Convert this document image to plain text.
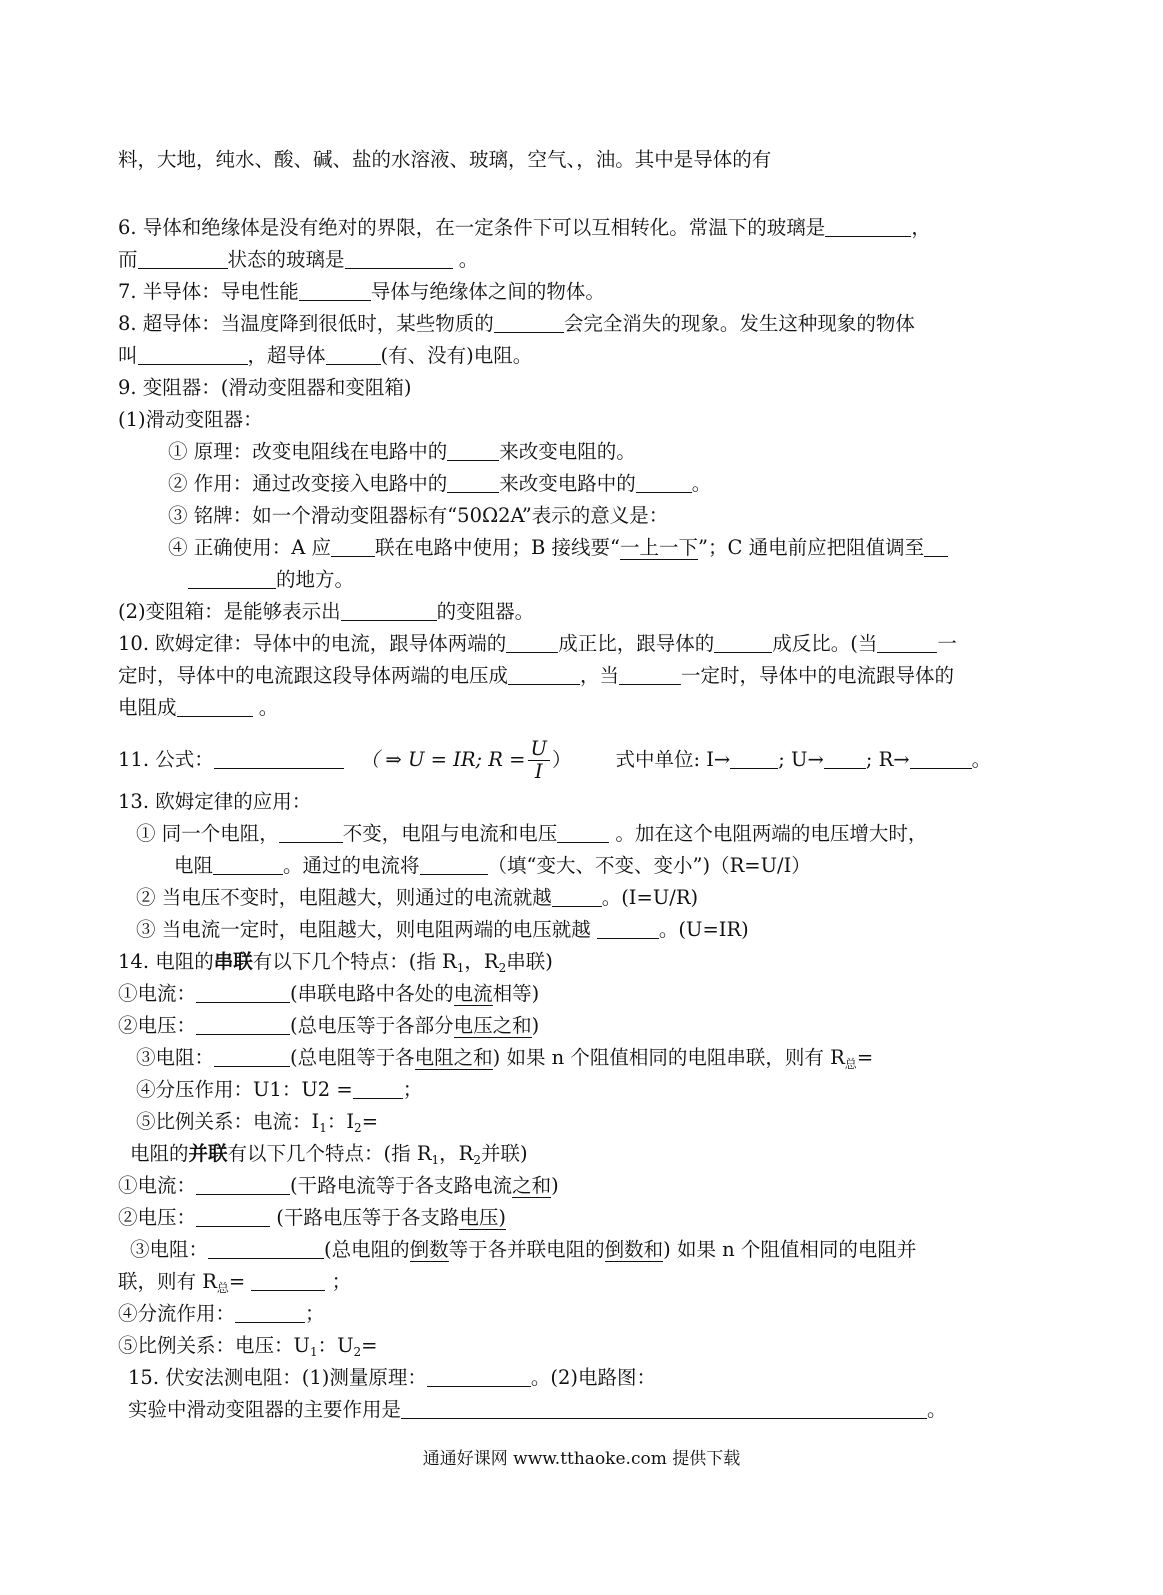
料，大地，纯水、酸、碱、盐的水溶液、玻璃，空气、，油。其中是导体的有
6. 导体和绝缘体是没有绝对的界限，在一定条件下可以互相转化。常温下的玻璃是	，
而	状态的玻璃是	。
7. 半导体：导电性能	导体与绝缘体之间的物体。
8. 超导体：当温度降到很低时，某些物质的	会完全消失的现象。发生这种现象的物体
叫	，超导体	(有、没有)电阻。
9. 变阻器：(滑动变阻器和变阻箱)
(1)滑动变阻器：
① 原理：改变电阻线在电路中的	来改变电阻的。
② 作用：通过改变接入电路中的	来改变电路中的	。
③ 铭牌：如一个滑动变阻器标有“50Ω2A”表示的意义是：
④ 正确使用：A 应 联在电路中使用；B 接线要“一上一下”；C 通电前应把阻值调至
的地方。
(2)变阻箱：是能够表示出	的变阻器。
10. 欧姆定律：导体中的电流，跟导体两端的	成正比，跟导体的	成反比。(当	一
定时，导体中的电流跟这段导体两端的电压成	，当	一定时，导体中的电流跟导体的
电阻成	。
11. 公式：	（ ⇒ U = IR; $R = \frac{U}{I}$ ） 式中单位: I→ ; U→ ; R→	。
13. 欧姆定律的应用：
① 同一个电阻，	不变，电阻与电流和电压	。加在这个电阻两端的电压增大时，
电阻	。通过的电流将	（填“变大、不变、变小”)（R=U/I）
② 当电压不变时，电阻越大，则通过的电流就越	。(I=U/R)
③ 当电流一定时，电阻越大，则电阻两端的电压就越	。(U=IR)
14. 电阻的串联有以下几个特点：(指 $R_1$，$R_2$串联)
①电流：	(串联电路中各处的电流相等)
②电压：	(总电压等于各部分电压之和)
③电阻：	(总电阻等于各电阻之和) 如果 n 个阻值相同的电阻串联，则有 $R_总=$
④分压作用：U1：U2 =	；
⑤比例关系：电流：$I_1$：$I_2=$
电阻的并联有以下几个特点：(指 $R_1$，$R_2$并联)
①电流：	(干路电流等于各支路电流之和)
②电压：	(干路电压等于各支路电压)
③电阻：	(总电阻的倒数等于各并联电阻的倒数和) 如果 n 个阻值相同的电阻并
联，则有 $R_总=$	；
④分流作用：	；
⑤比例关系：电压：$U_1$：$U_2=$
15. 伏安法测电阻：(1)测量原理：	。(2)电路图：
实验中滑动变阻器的主要作用是	。
通通好课网 www.tthaoke.com 提供下载
